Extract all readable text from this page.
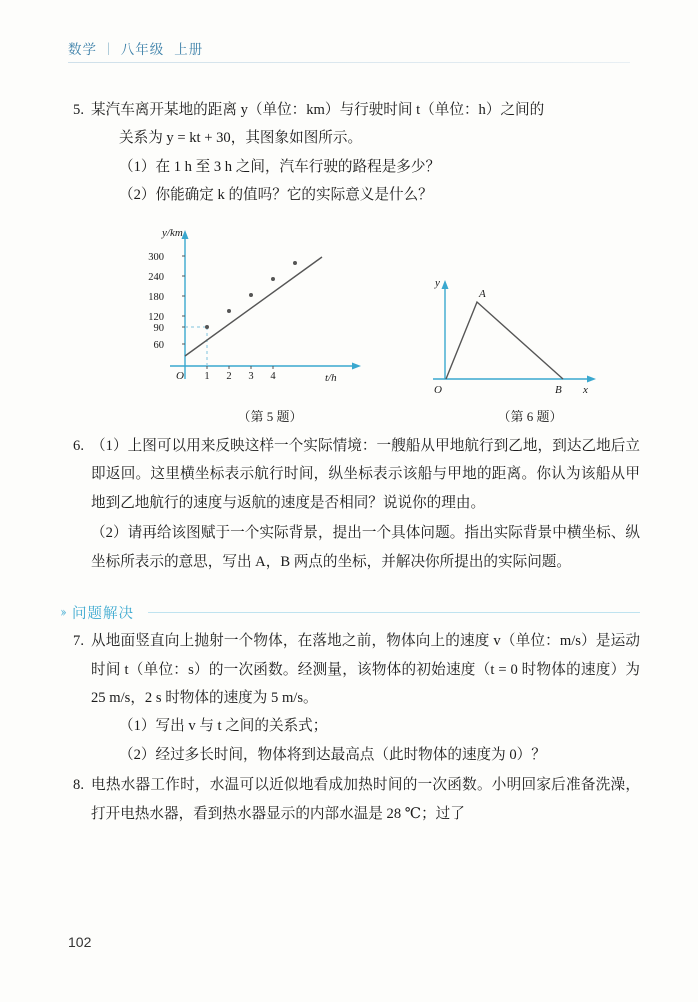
数学 | 八年级 上册
5. 某汽车离开某地的距离 y（单位：km）与行驶时间 t（单位：h）之间的
关系为 y = kt + 30，其图象如图所示。
（1）在 1 h 至 3 h 之间，汽车行驶的路程是多少？
（2）你能确定 k 的值吗？它的实际意义是什么？
y/km
300
240
180
120
90
60
1 2 3 4
O	t/h
（第 5 题）
y
x
O
A
B
（第 6 题）
6. （1）上图可以用来反映这样一个实际情境：一艘船从甲地航行到乙地，到达乙地后立即返回。这里横坐标表示航行时间，纵坐标表示该船与甲地的距离。你认为该船从甲地到乙地航行的速度与返航的速度是否相同？说说你的理由。
（2）请再给该图赋于一个实际背景，提出一个具体问题。指出实际背景中横坐标、纵坐标所表示的意思，写出 A，B 两点的坐标，并解决你所提出的实际问题。
›› 问题解决
7. 从地面竖直向上抛射一个物体，在落地之前，物体向上的速度 v（单位：m/s）是运动时间 t（单位：s）的一次函数。经测量，该物体的初始速度（t = 0 时物体的速度）为 25 m/s，2 s 时物体的速度为 5 m/s。
（1）写出 v 与 t 之间的关系式；
（2）经过多长时间，物体将到达最高点（此时物体的速度为 0）？
8. 电热水器工作时，水温可以近似地看成加热时间的一次函数。小明回家后准备洗澡，打开电热水器，看到热水器显示的内部水温是 28 ℃；过了
102
